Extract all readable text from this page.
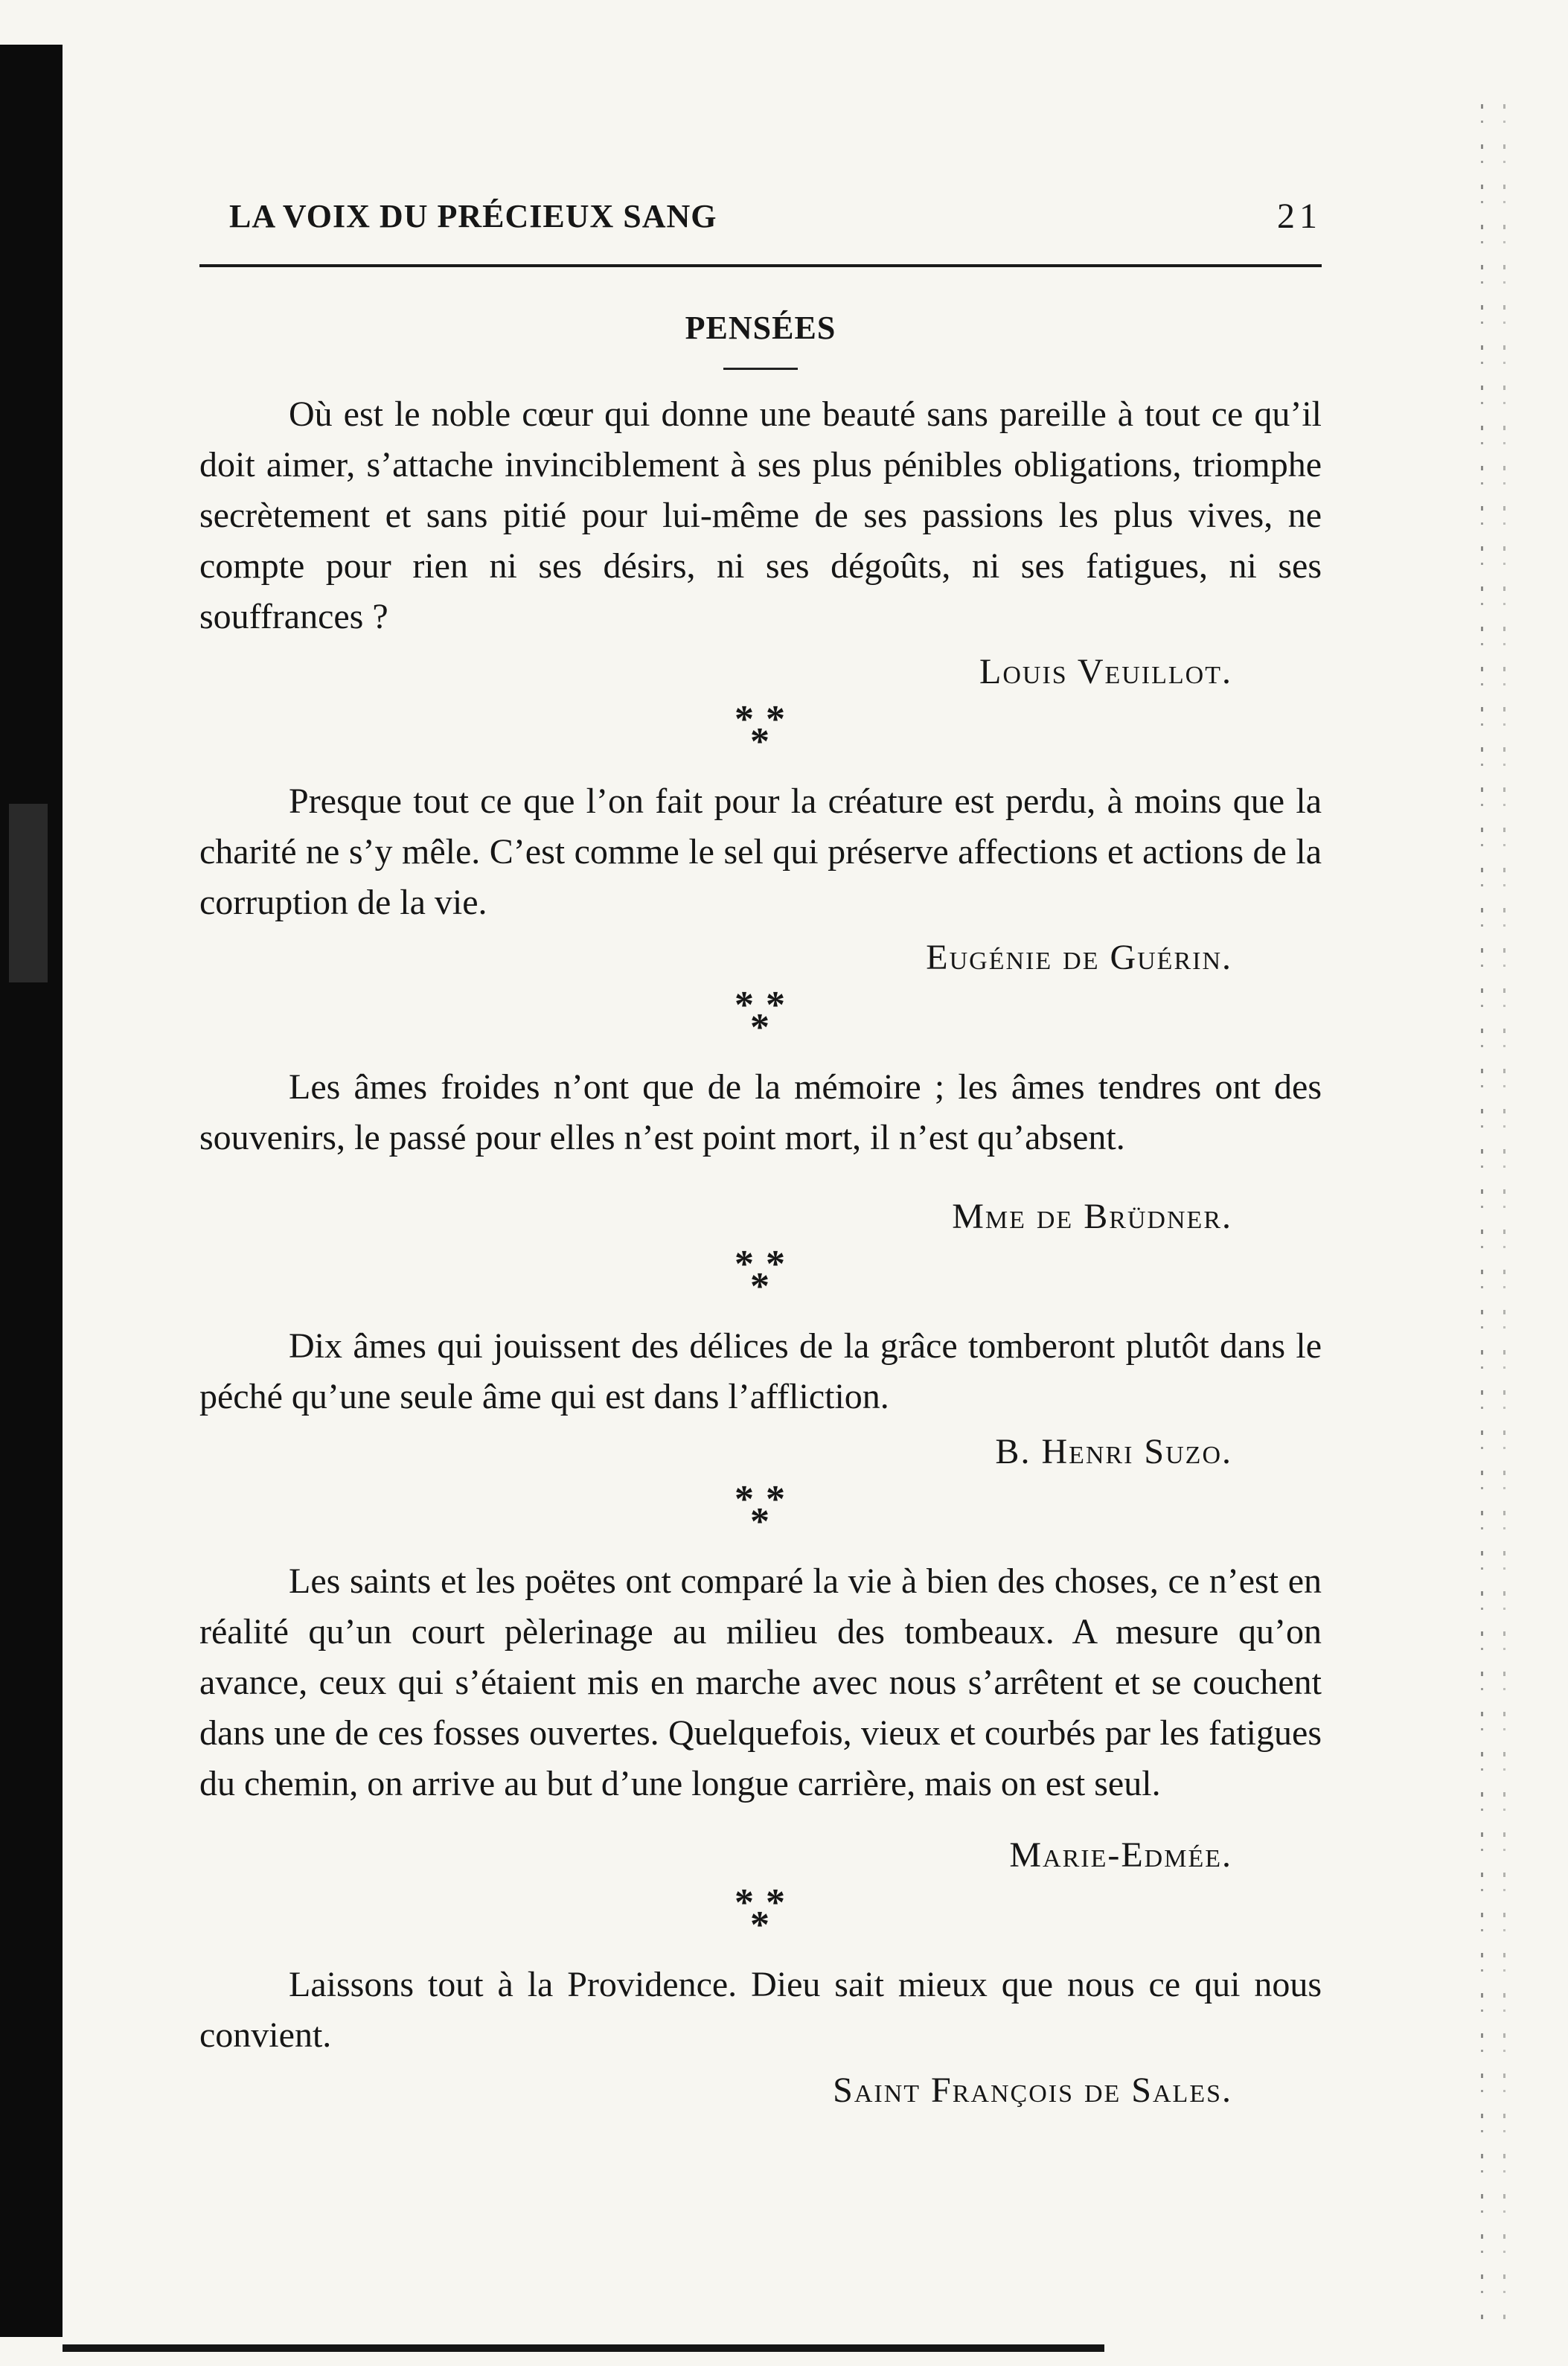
LA VOIX DU PRÉCIEUX SANG	21
PENSÉES

Où est le noble cœur qui donne une beauté sans pareille à tout ce qu’il doit aimer, s’attache invinciblement à ses plus pénibles obligations, triomphe secrètement et sans pitié pour lui-même de ses passions les plus vives, ne compte pour rien ni ses désirs, ni ses dégoûts, ni ses fatigues, ni ses souffrances ?

Louis Veuillot.
* *
*

Presque tout ce que l’on fait pour la créature est perdu, à moins que la charité ne s’y mêle. C’est comme le sel qui préserve affections et actions de la corruption de la vie.

Eugénie de Guérin.
* *
*

Les âmes froides n’ont que de la mémoire ; les âmes tendres ont des souvenirs, le passé pour elles n’est point mort, il n’est qu’absent.

Mme de Brüdner.
* *
*

Dix âmes qui jouissent des délices de la grâce tomberont plutôt dans le péché qu’une seule âme qui est dans l’affliction.

B. Henri Suzo.
* *
*

Les saints et les poëtes ont comparé la vie à bien des choses, ce n’est en réalité qu’un court pèlerinage au milieu des tombeaux. A mesure qu’on avance, ceux qui s’étaient mis en marche avec nous s’arrêtent et se couchent dans une de ces fosses ouvertes. Quelquefois, vieux et courbés par les fatigues du chemin, on arrive au but d’une longue carrière, mais on est seul.

Marie-Edmée.
* *
*

Laissons tout à la Providence. Dieu sait mieux que nous ce qui nous convient.

Saint François de Sales.
